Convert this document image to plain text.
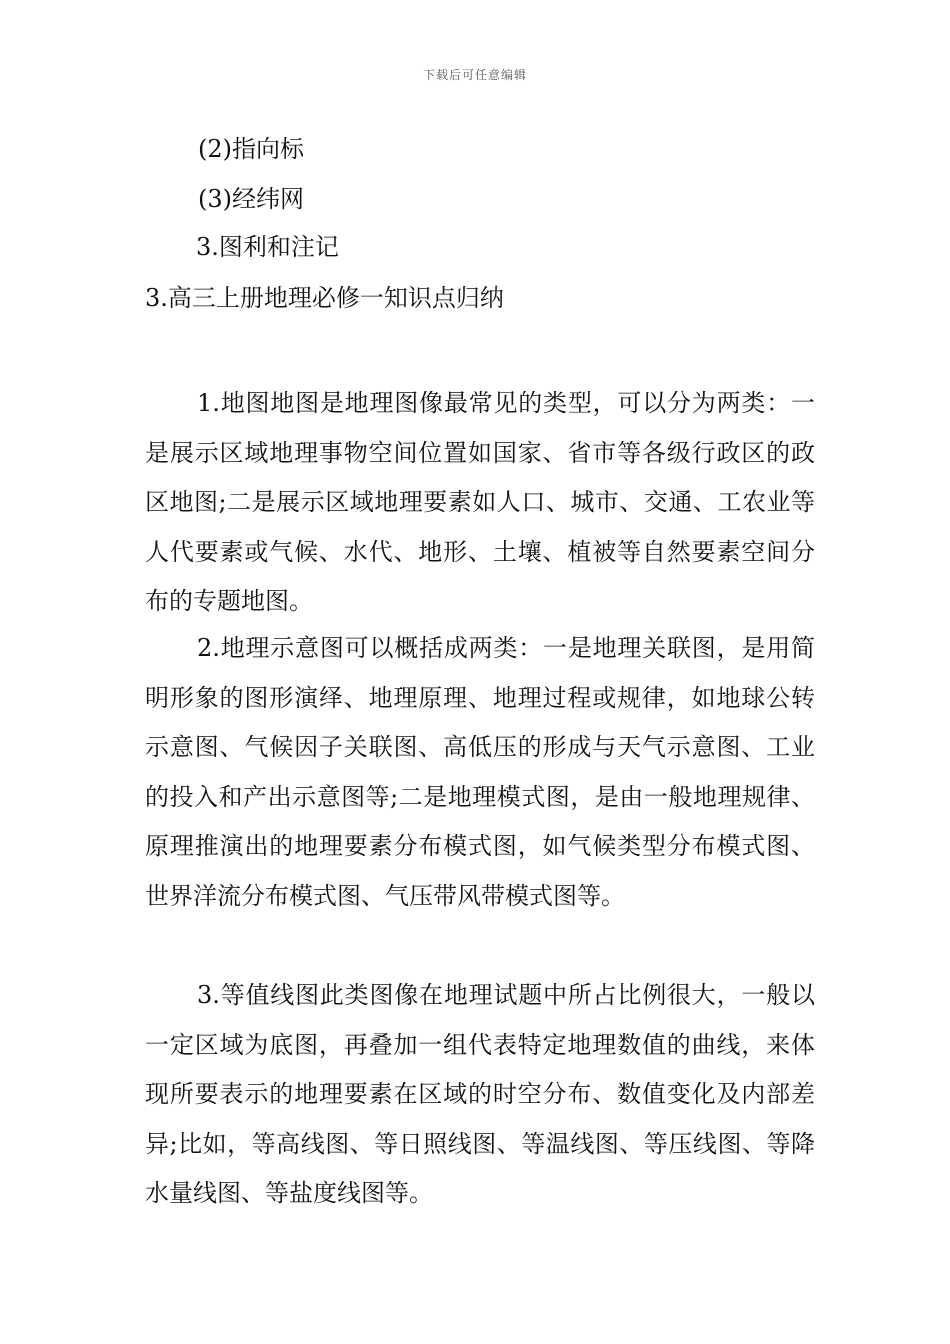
下载后可任意编辑
(2)指向标
(3)经纬网
3.图利和注记
3.高三上册地理必修一知识点归纳

1.地图地图是地理图像最常见的类型，可以分为两类：一是展示区域地理事物空间位置如国家、省市等各级行政区的政区地图;二是展示区域地理要素如人口、城市、交通、工农业等人代要素或气候、水代、地形、土壤、植被等自然要素空间分布的专题地图。

2.地理示意图可以概括成两类：一是地理关联图，是用简明形象的图形演绎、地理原理、地理过程或规律，如地球公转示意图、气候因子关联图、高低压的形成与天气示意图、工业的投入和产出示意图等;二是地理模式图，是由一般地理规律、原理推演出的地理要素分布模式图，如气候类型分布模式图、世界洋流分布模式图、气压带风带模式图等。

3.等值线图此类图像在地理试题中所占比例很大，一般以一定区域为底图，再叠加一组代表特定地理数值的曲线，来体现所要表示的地理要素在区域的时空分布、数值变化及内部差异;比如，等高线图、等日照线图、等温线图、等压线图、等降水量线图、等盐度线图等。
